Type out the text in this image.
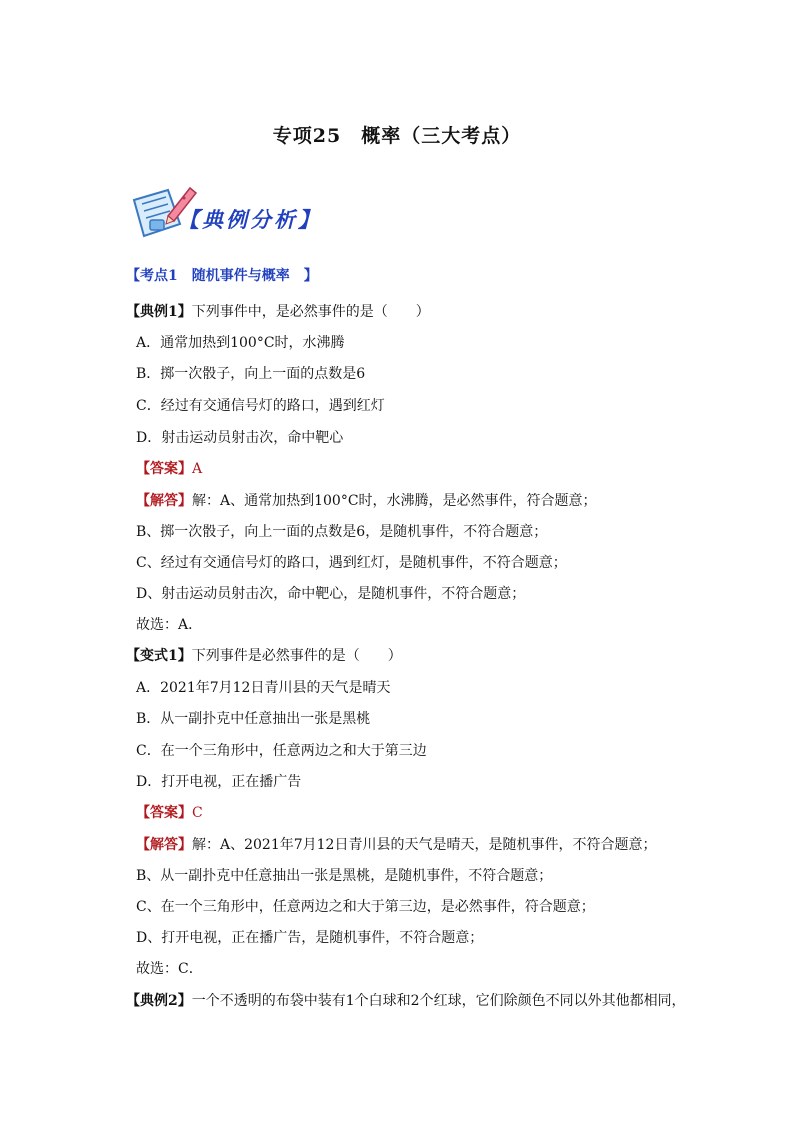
专项25　概率（三大考点）
【典例分析】
【考点1　随机事件与概率　】
【典例1】下列事件中，是必然事件的是（　　）
A．通常加热到100°C时，水沸腾
B．掷一次骰子，向上一面的点数是6
C．经过有交通信号灯的路口，遇到红灯
D．射击运动员射击次，命中靶心
【答案】A
【解答】解：A、通常加热到100°C时，水沸腾，是必然事件，符合题意；
B、掷一次骰子，向上一面的点数是6，是随机事件，不符合题意；
C、经过有交通信号灯的路口，遇到红灯，是随机事件，不符合题意；
D、射击运动员射击次，命中靶心，是随机事件，不符合题意；
故选：A．
【变式1】下列事件是必然事件的是（　　）
A．2021年7月12日青川县的天气是晴天
B．从一副扑克中任意抽出一张是黑桃
C．在一个三角形中，任意两边之和大于第三边
D．打开电视，正在播广告
【答案】C
【解答】解：A、2021年7月12日青川县的天气是晴天，是随机事件，不符合题意；
B、从一副扑克中任意抽出一张是黑桃，是随机事件，不符合题意；
C、在一个三角形中，任意两边之和大于第三边，是必然事件，符合题意；
D、打开电视，正在播广告，是随机事件，不符合题意；
故选：C．
【典例2】一个不透明的布袋中装有1个白球和2个红球，它们除颜色不同以外其他都相同，
